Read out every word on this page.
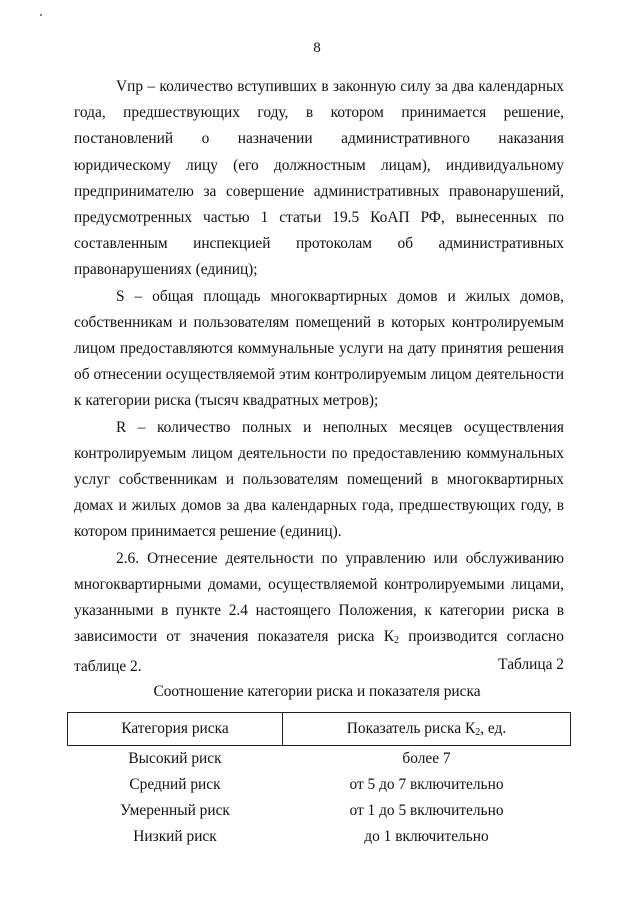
8

Vпр – количество вступивших в законную силу за два календарных года, предшествующих году, в котором принимается решение, постановлений о назначении административного наказания юридическому лицу (его должностным лицам), индивидуальному предпринимателю за совершение административных правонарушений, предусмотренных частью 1 статьи 19.5 КоАП РФ, вынесенных по составленным инспекцией протоколам об административных правонарушениях (единиц);

S – общая площадь многоквартирных домов и жилых домов, собственникам и пользователям помещений в которых контролируемым лицом предоставляются коммунальные услуги на дату принятия решения об отнесении осуществляемой этим контролируемым лицом деятельности к категории риска (тысяч квадратных метров);

R – количество полных и неполных месяцев осуществления контролируемым лицом деятельности по предоставлению коммунальных услуг собственникам и пользователям помещений в многоквартирных домах и жилых домов за два календарных года, предшествующих году, в котором принимается решение (единиц).

2.6. Отнесение деятельности по управлению или обслуживанию многоквартирными домами, осуществляемой контролируемыми лицами, указанными в пункте 2.4 настоящего Положения, к категории риска в зависимости от значения показателя риска $К_2$ производится согласно таблице 2.	Таблица 2
Соотношение категории риска и показателя риска
Категория риска	Показатель риска $К_2$, ед.
Высокий риск	более 7
Средний риск	от 5 до 7 включительно
Умеренный риск	от 1 до 5 включительно
Низкий риск	до 1 включительно
